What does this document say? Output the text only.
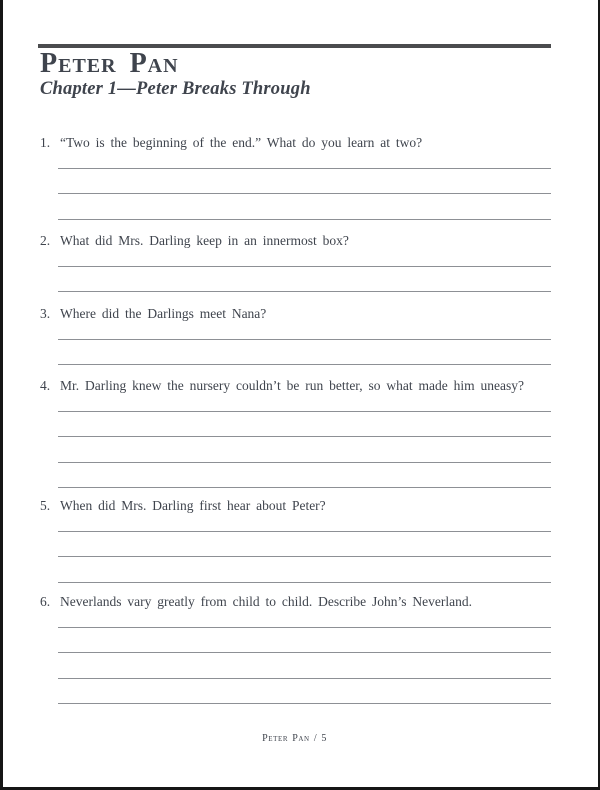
Peter Pan
Chapter 1—Peter Breaks Through
1. “Two is the beginning of the end.” What do you learn at two?
2. What did Mrs. Darling keep in an innermost box?
3. Where did the Darlings meet Nana?
4. Mr. Darling knew the nursery couldn’t be run better, so what made him uneasy?
5. When did Mrs. Darling first hear about Peter?
6. Neverlands vary greatly from child to child. Describe John’s Neverland.
Peter Pan / 5
